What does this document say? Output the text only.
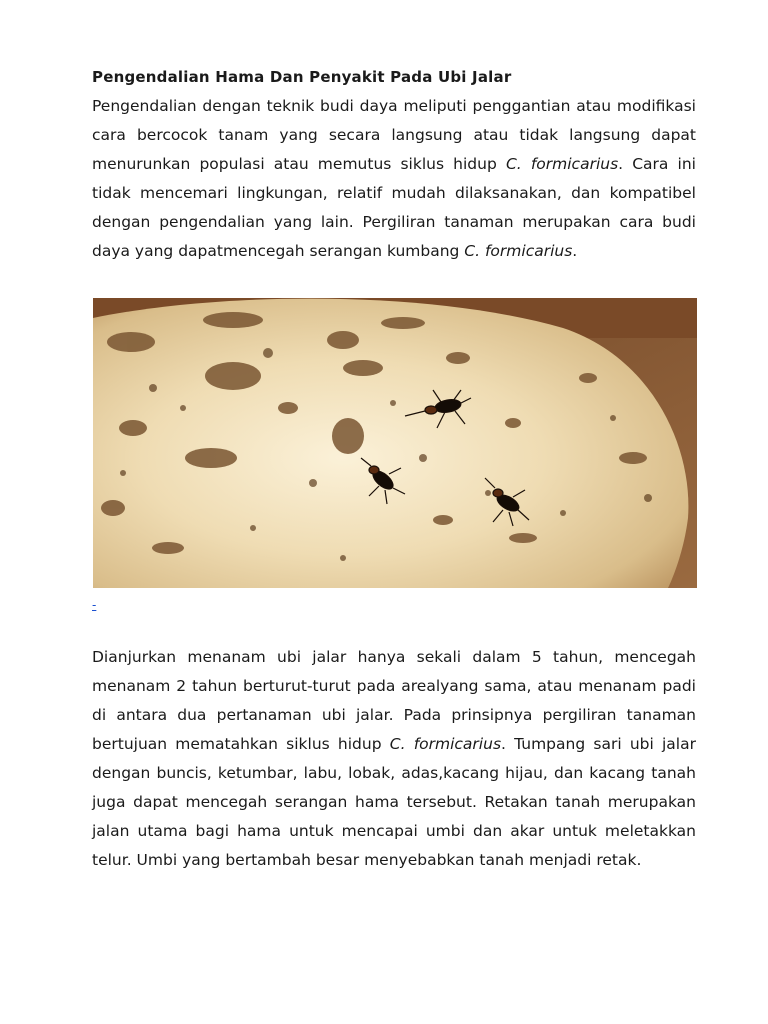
Pengendalian Hama Dan Penyakit Pada Ubi Jalar

Pengendalian dengan teknik budi daya meliputi penggantian atau modifikasi cara bercocok tanam yang secara langsung atau tidak langsung dapat menurunkan populasi atau memutus siklus hidup C. formicarius. Cara ini tidak mencemari lingkungan, relatif mudah dilaksanakan, dan kompatibel dengan pengendalian yang lain. Pergiliran tanaman merupakan cara budi daya yang dapatmencegah serangan kumbang C. formicarius.

-

Dianjurkan menanam ubi jalar hanya sekali dalam 5 tahun, mencegah menanam 2 tahun berturut-turut pada arealyang sama, atau menanam padi di antara dua pertanaman ubi jalar. Pada prinsipnya pergiliran tanaman bertujuan mematahkan siklus hidup C. formicarius. Tumpang sari ubi jalar dengan buncis, ketumbar, labu, lobak, adas,kacang hijau, dan kacang tanah juga dapat mencegah serangan hama tersebut. Retakan tanah merupakan jalan utama bagi hama untuk mencapai umbi dan akar untuk meletakkan telur. Umbi yang bertambah besar menyebabkan tanah menjadi retak.
